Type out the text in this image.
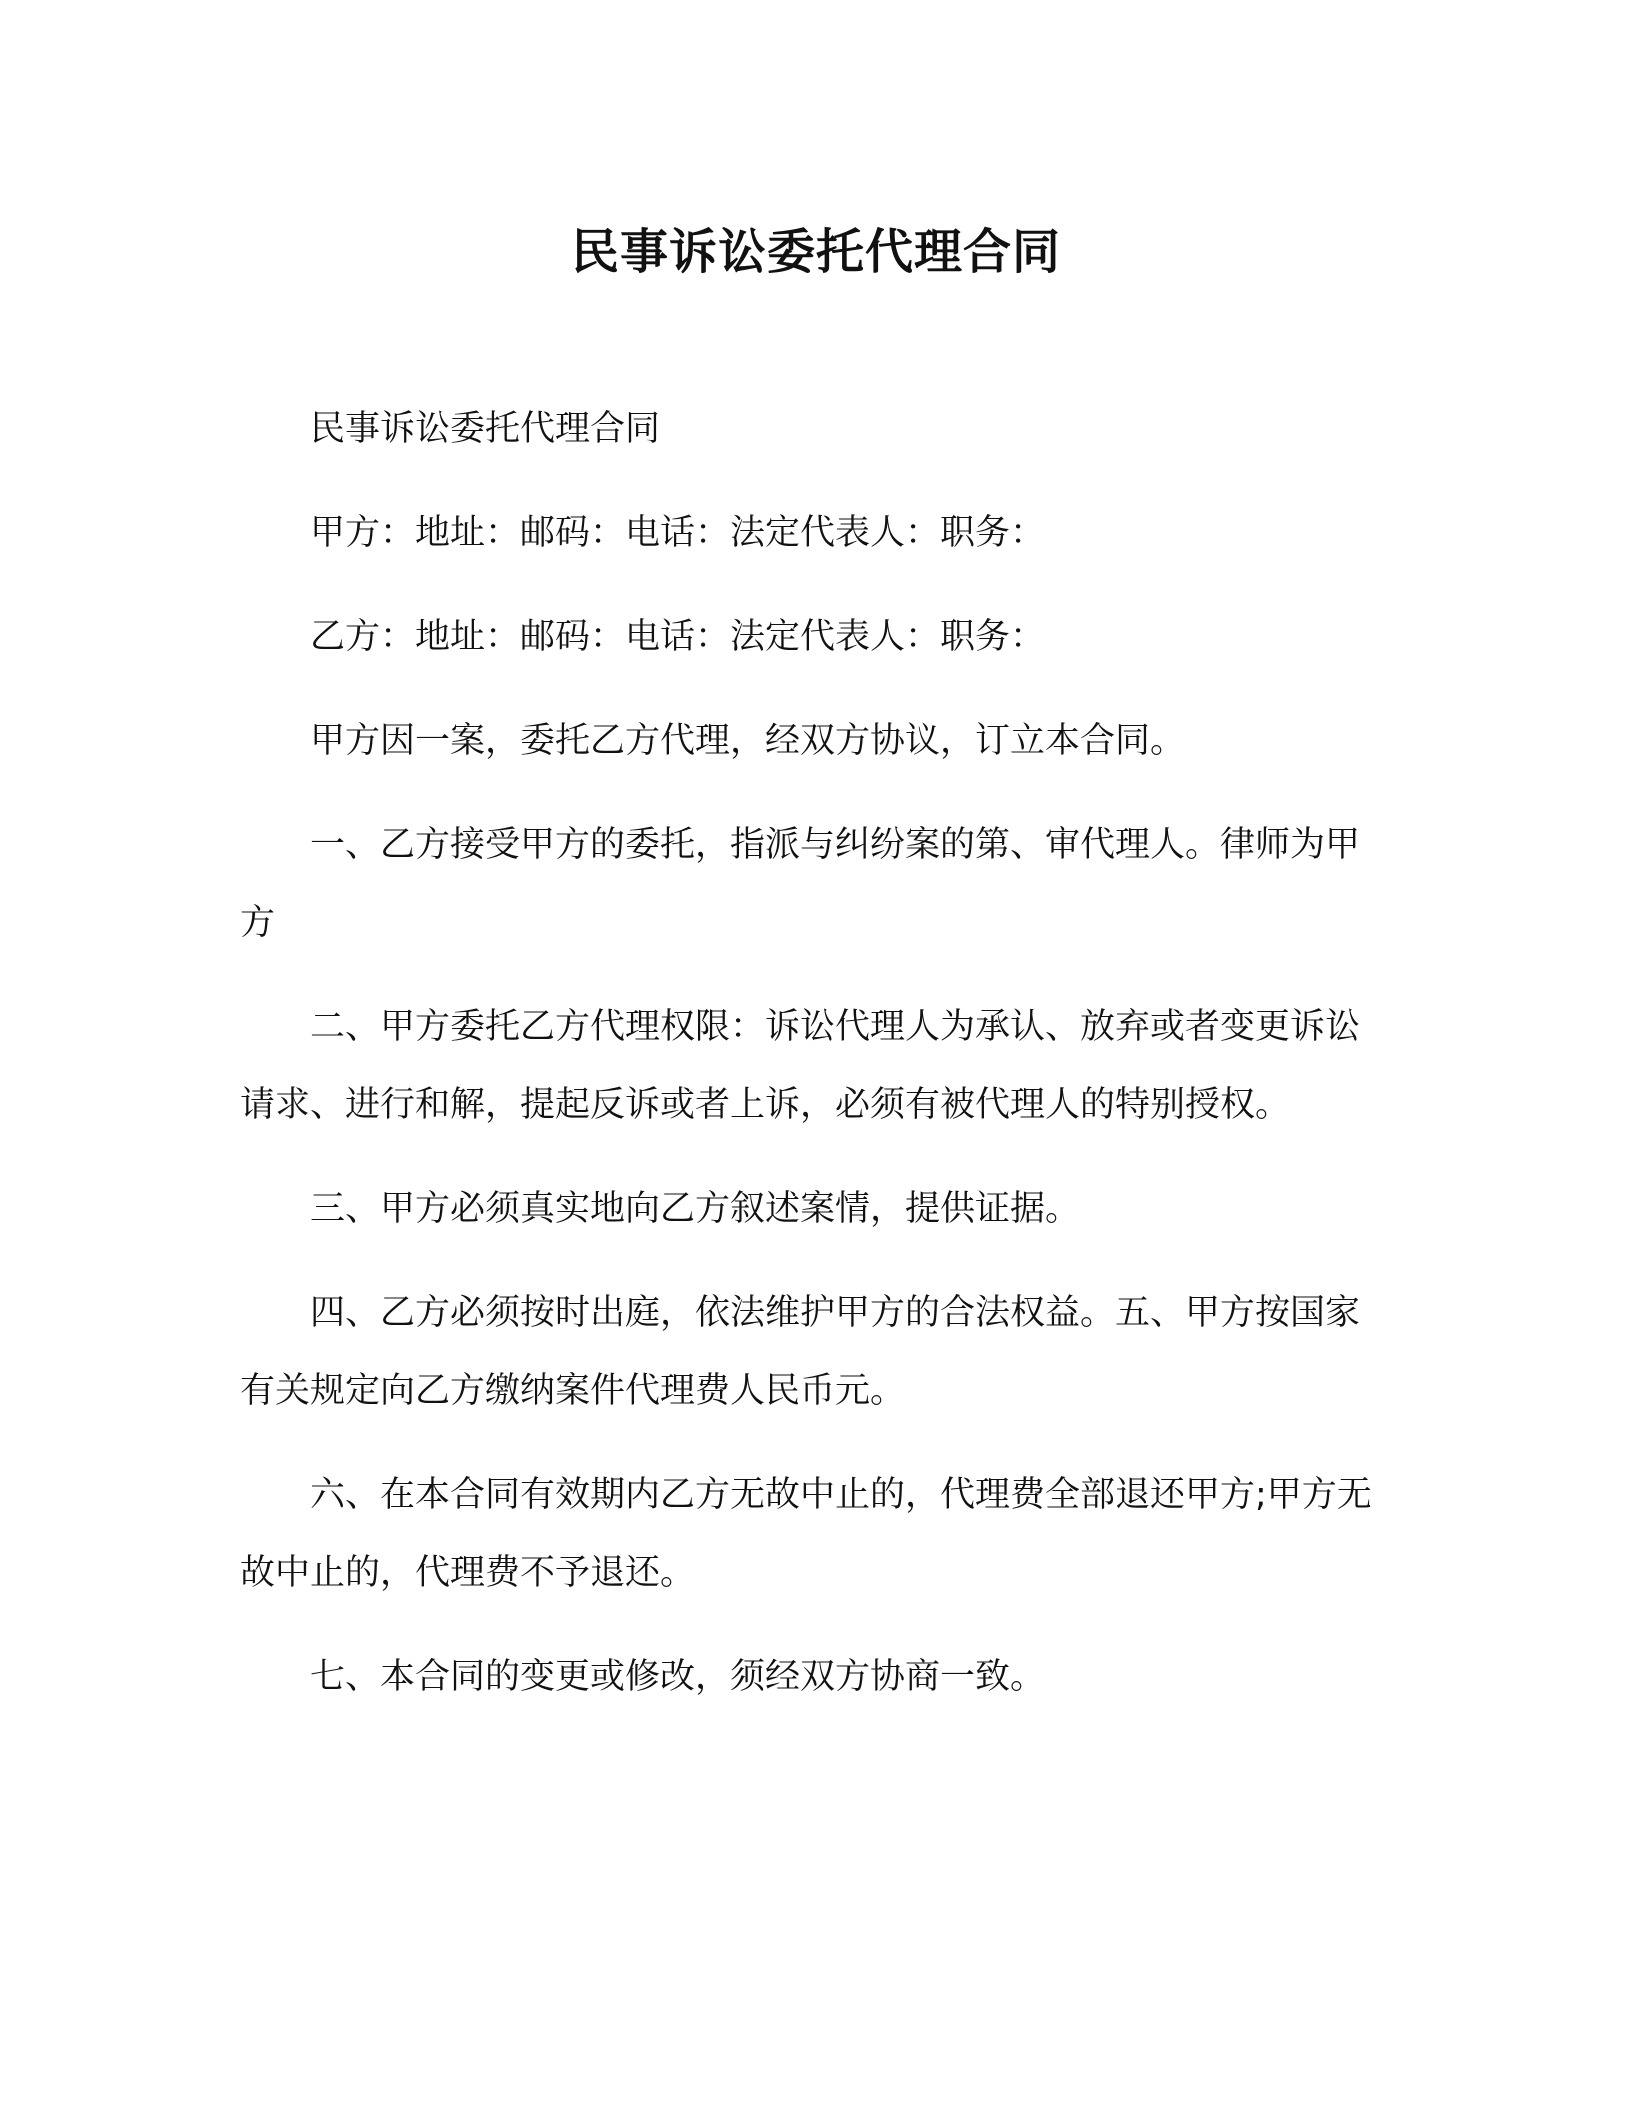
民事诉讼委托代理合同

民事诉讼委托代理合同

甲方：地址：邮码：电话：法定代表人：职务：

乙方：地址：邮码：电话：法定代表人：职务：

甲方因一案，委托乙方代理，经双方协议，订立本合同。

一、乙方接受甲方的委托，指派与纠纷案的第、审代理人。律师为甲方

二、甲方委托乙方代理权限：诉讼代理人为承认、放弃或者变更诉讼请求、进行和解，提起反诉或者上诉，必须有被代理人的特别授权。

三、甲方必须真实地向乙方叙述案情，提供证据。

四、乙方必须按时出庭，依法维护甲方的合法权益。五、甲方按国家有关规定向乙方缴纳案件代理费人民币元。

六、在本合同有效期内乙方无故中止的，代理费全部退还甲方;甲方无故中止的，代理费不予退还。

七、本合同的变更或修改，须经双方协商一致。
